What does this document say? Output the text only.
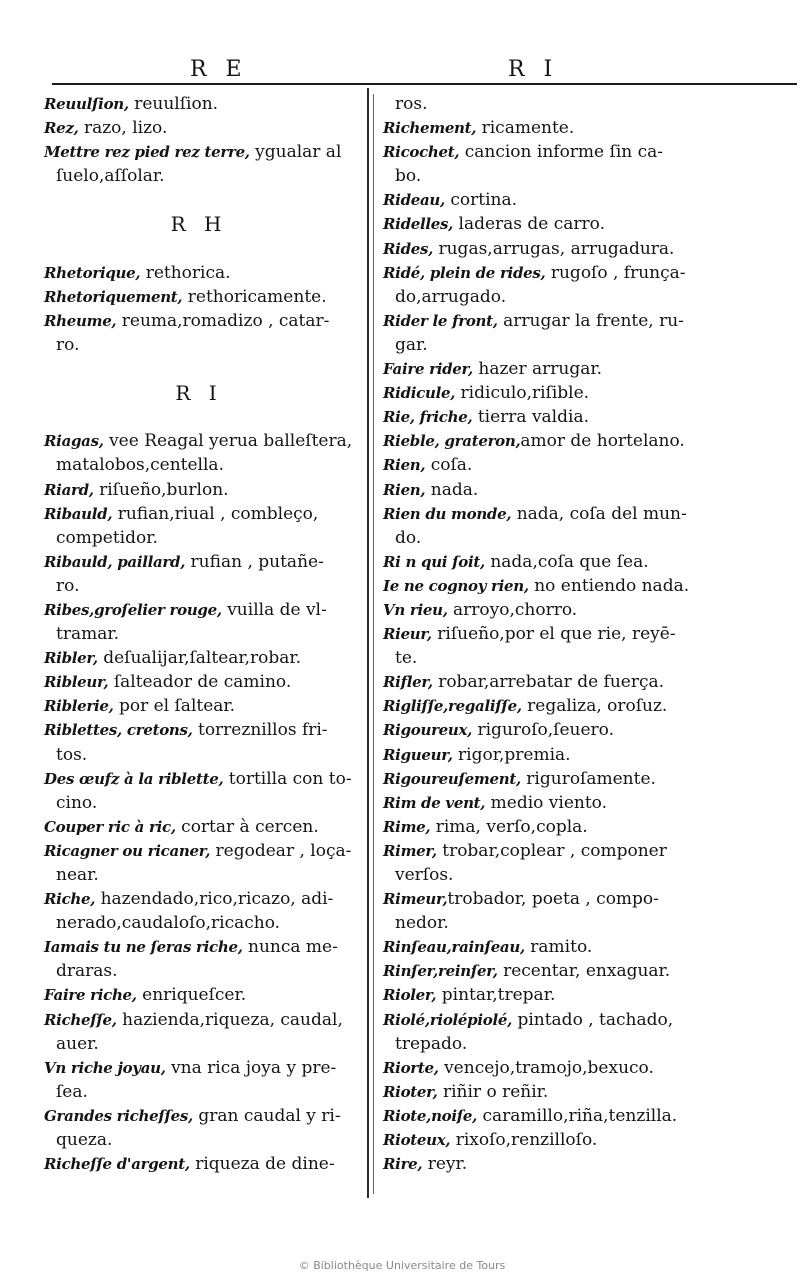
R E	R I
Reuulſion, reuulſion.
Rez, razo, lizo.
Mettre rez pied rez terre, ygualar al
ſuelo,aſſolar.
R H
Rhetorique, rethorica.
Rhetoriquement, rethoricamente.
Rheume, reuma,romadizo , catar-
ro.
R I
Riagas, vee Reagal yerua balleſtera,
matalobos,centella.
Riard, riſueño,burlon.
Ribauld, rufian,riual , combleço,
competidor.
Ribauld, paillard, rufian , putañe-
ro.
Ribes,groſelier rouge, vuilla de vl-
tramar.
Ribler, deſualijar,ſaltear,robar.
Ribleur, ſalteador de camino.
Riblerie, por el ſaltear.
Riblettes, cretons, torreznillos fri-
tos.
Des œufz à la riblette, tortilla con to-
cino.
Couper ric à ric, cortar à cercen.
Ricagner ou ricaner, regodear , loça-
near.
Riche, hazendado,rico,ricazo, adi-
nerado,caudaloſo,ricacho.
Iamais tu ne ſeras riche, nunca me-
draras.
Faire riche, enriqueſcer.
Richeſſe, hazienda,riqueza, caudal,
auer.
Vn riche joyau, vna rica joya y pre-
ſea.
Grandes richeſſes, gran caudal y ri-
queza.
Richeſſe d'argent, riqueza de dine-
ros.
Richement, ricamente.
Ricochet, cancion informe ſin ca-
bo.
Rideau, cortina.
Ridelles, laderas de carro.
Rides, rugas,arrugas, arrugadura.
Ridé, plein de rides, rugoſo , frunça-
do,arrugado.
Rider le front, arrugar la frente, ru-
gar.
Faire rider, hazer arrugar.
Ridicule, ridiculo,riſible.
Rie, friche, tierra valdia.
Rieble, grateron,amor de hortelano.
Rien, coſa.
Rien, nada.
Rien du monde, nada, coſa del mun-
do.
Ri n qui ſoit, nada,coſa que ſea.
Ie ne cognoy rien, no entiendo nada.
Vn rieu, arroyo,chorro.
Rieur, riſueño,por el que rie, reyē-
te.
Rifler, robar,arrebatar de fuerça.
Rigliſſe,regaliſſe, regaliza, oroſuz.
Rigoureux, riguroſo,ſeuero.
Rigueur, rigor,premia.
Rigoureuſement, riguroſamente.
Rim de vent, medio viento.
Rime, rima, verſo,copla.
Rimer, trobar,coplear , componer
verſos.
Rimeur,trobador, poeta , compo-
nedor.
Rinſeau,rainſeau, ramito.
Rinſer,reinſer, recentar, enxaguar.
Rioler, pintar,trepar.
Riolé,riolépiolé, pintado , tachado,
trepado.
Riorte, vencejo,tramojo,bexuco.
Rioter, riñir o reñir.
Riote,noiſe, caramillo,riña,tenzilla.
Rioteux, rixoſo,renzilloſo.
Rire, reyr.
© Bibliothèque Universitaire de Tours
